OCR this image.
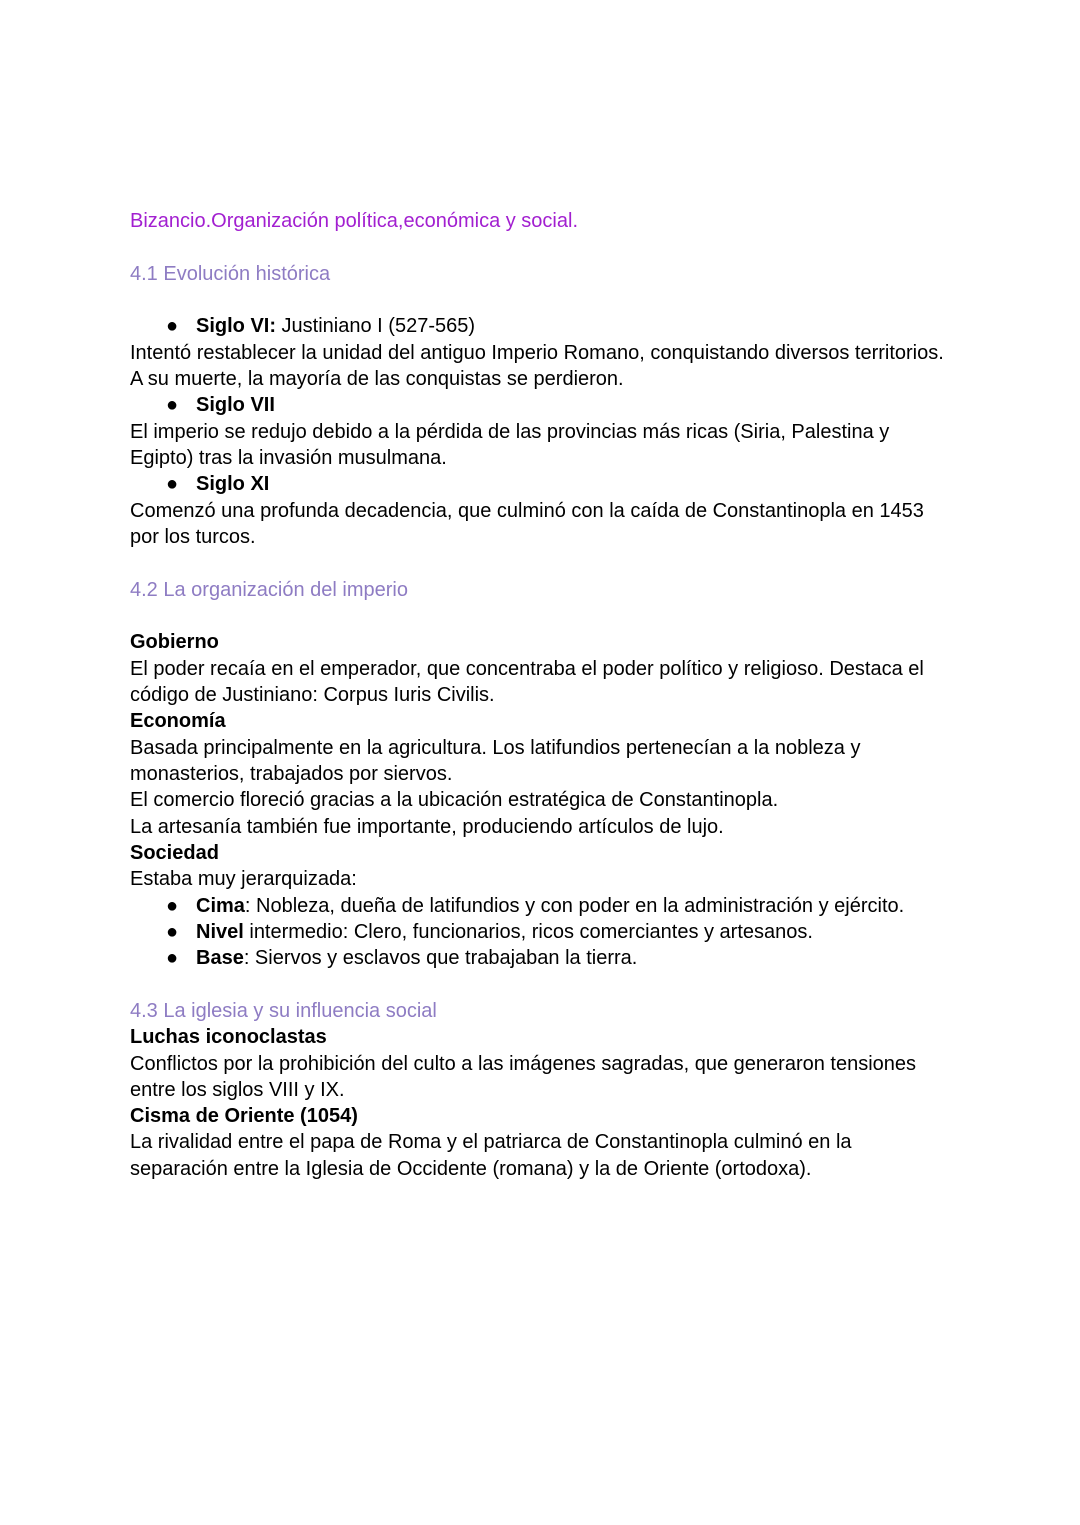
Bizancio.Organización política,económica y social.
4.1 Evolución histórica
● Siglo VI: Justiniano I (527-565)
Intentó restablecer la unidad del antiguo Imperio Romano, conquistando diversos territorios.
A su muerte, la mayoría de las conquistas se perdieron.
● Siglo VII
El imperio se redujo debido a la pérdida de las provincias más ricas (Siria, Palestina y
Egipto) tras la invasión musulmana.
● Siglo XI
Comenzó una profunda decadencia, que culminó con la caída de Constantinopla en 1453
por los turcos.
4.2 La organización del imperio
Gobierno
El poder recaía en el emperador, que concentraba el poder político y religioso. Destaca el
código de Justiniano: Corpus Iuris Civilis.
Economía
Basada principalmente en la agricultura. Los latifundios pertenecían a la nobleza y
monasterios, trabajados por siervos.
El comercio floreció gracias a la ubicación estratégica de Constantinopla.
La artesanía también fue importante, produciendo artículos de lujo.
Sociedad
Estaba muy jerarquizada:
● Cima: Nobleza, dueña de latifundios y con poder en la administración y ejército.
● Nivel intermedio: Clero, funcionarios, ricos comerciantes y artesanos.
● Base: Siervos y esclavos que trabajaban la tierra.
4.3 La iglesia y su influencia social
Luchas iconoclastas
Conflictos por la prohibición del culto a las imágenes sagradas, que generaron tensiones
entre los siglos VIII y IX.
Cisma de Oriente (1054)
La rivalidad entre el papa de Roma y el patriarca de Constantinopla culminó en la
separación entre la Iglesia de Occidente (romana) y la de Oriente (ortodoxa).
